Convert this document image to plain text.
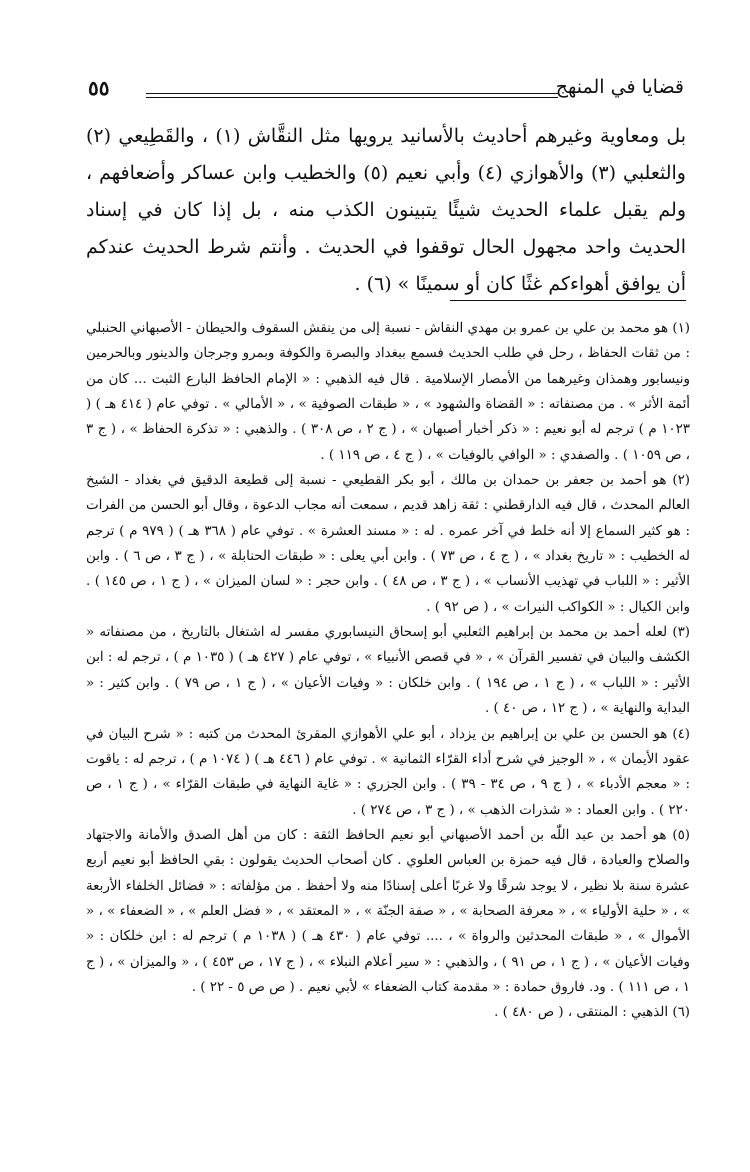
قضايا في المنهج
٥٥

بل ومعاوية وغيرهم أحاديث بالأسانيد يرويها مثل النقَّاش (١) ، والقَطِيعي (٢) والثعلبي (٣) والأهوازي (٤) وأبي نعيم (٥) والخطيب وابن عساكر وأضعافهم ، ولم يقبل علماء الحديث شيئًا يتبينون الكذب منه ، بل إذا كان في إسناد الحديث واحد مجهول الحال توقفوا في الحديث . وأنتم شرط الحديث عندكم أن يوافق أهواءكم غثًا كان أو سمينًا » (٦) .

(١) هو محمد بن علي بن عمرو بن مهدي النقاش - نسبة إلى من ينقش السقوف والحيطان - الأصبهاني الحنبلي : من ثقات الحفاظ ، رحل في طلب الحديث فسمع ببغداد والبصرة والكوفة وبمرو وجرجان والدينور وبالحرمين ونيسابور وهمذان وغيرهما من الأمصار الإسلامية . قال فيه الذهبي : « الإمام الحافظ البارع الثبت ... كان من أئمة الأثر » . من مصنفاته : « القضاة والشهود » ، « طبقات الصوفية » ، « الأمالي » . توفي عام ( ٤١٤ هـ ) ( ١٠٢٣ م ) ترجم له أبو نعيم : « ذكر أخبار أصبهان » ، ( ج ٢ ، ص ٣٠٨ ) . والذهبي : « تذكرة الحفاظ » ، ( ج ٣ ، ص ١٠٥٩ ) . والصفدي : « الوافي بالوفيات » ، ( ج ٤ ، ص ١١٩ ) .

(٢) هو أحمد بن جعفر بن حمدان بن مالك ، أبو بكر القطيعي - نسبة إلى قطيعة الدقيق في بغداد - الشيخ العالم المحدث ، قال فيه الدارقطني : ثقة زاهد قديم ، سمعت أنه مجاب الدعوة ، وقال أبو الحسن من الفرات : هو كثير السماع إلا أنه خلط في آخر عمره . له : « مسند العشرة » . توفي عام ( ٣٦٨ هـ ) ( ٩٧٩ م ) ترجم له الخطيب : « تاريخ بغداد » ، ( ج ٤ ، ص ٧٣ ) . وابن أبي يعلى : « طبقات الحنابلة » ، ( ج ٣ ، ص ٦ ) . وابن الأثير : « اللباب في تهذيب الأنساب » ، ( ج ٣ ، ص ٤٨ ) . وابن حجر : « لسان الميزان » ، ( ج ١ ، ص ١٤٥ ) . وابن الكيال : « الكواكب النيرات » ، ( ص ٩٢ ) .

(٣) لعله أحمد بن محمد بن إبراهيم الثعلبي أبو إسحاق النيسابوري مفسر له اشتغال بالتاريخ ، من مصنفاته « الكشف والبيان في تفسير القرآن » ، « في قصص الأنبياء » ، توفي عام ( ٤٢٧ هـ ) ( ١٠٣٥ م ) ، ترجم له : ابن الأثير : « اللباب » ، ( ج ١ ، ص ١٩٤ ) . وابن خلكان : « وفيات الأعيان » ، ( ج ١ ، ص ٧٩ ) . وابن كثير : « البداية والنهاية » ، ( ج ١٢ ، ص ٤٠ ) .

(٤) هو الحسن بن علي بن إبراهيم بن يزداد ، أبو علي الأهوازي المقرئ المحدث من كتبه : « شرح البيان في عقود الأيمان » ، « الوجيز في شرح أداء القرّاء الثمانية » . توفي عام ( ٤٤٦ هـ ) ( ١٠٧٤ م ) ، ترجم له : ياقوت : « معجم الأدباء » ، ( ج ٩ ، ص ٣٤ - ٣٩ ) . وابن الجزري : « غاية النهاية في طبقات القرّاء » ، ( ج ١ ، ص ٢٢٠ ) . وابن العماد : « شذرات الذهب » ، ( ج ٣ ، ص ٢٧٤ ) .

(٥) هو أحمد بن عبد اللّٰه بن أحمد الأصبهاني أبو نعيم الحافظ الثقة : كان من أهل الصدق والأمانة والاجتهاد والصلاح والعبادة ، قال فيه حمزة بن العباس العلوي . كان أصحاب الحديث يقولون : بقي الحافظ أبو نعيم أربع عشرة سنة بلا نظير ، لا يوجد شرقًا ولا غربًا أعلى إسنادًا منه ولا أحفظ . من مؤلفاته : « فضائل الخلفاء الأربعة » ، « حلية الأولياء » ، « معرفة الصحابة » ، « صفة الجنّة » ، « المعتقد » ، « فضل العلم » ، « الضعفاء » ، « الأموال » ، « طبقات المحدثين والرواة » ، .... توفي عام ( ٤٣٠ هـ ) ( ١٠٣٨ م ) ترجم له : ابن خلكان : « وفيات الأعيان » ، ( ج ١ ، ص ٩١ ) ، والذهبي : « سير أعلام النبلاء » ، ( ج ١٧ ، ص ٤٥٣ ) ، « والميزان » ، ( ج ١ ، ص ١١١ ) . ود. فاروق حمادة : « مقدمة كتاب الضعفاء » لأبي نعيم . ( ص ص ٥ - ٢٢ ) .

(٦) الذهبي : المنتقى ، ( ص ٤٨٠ ) .
